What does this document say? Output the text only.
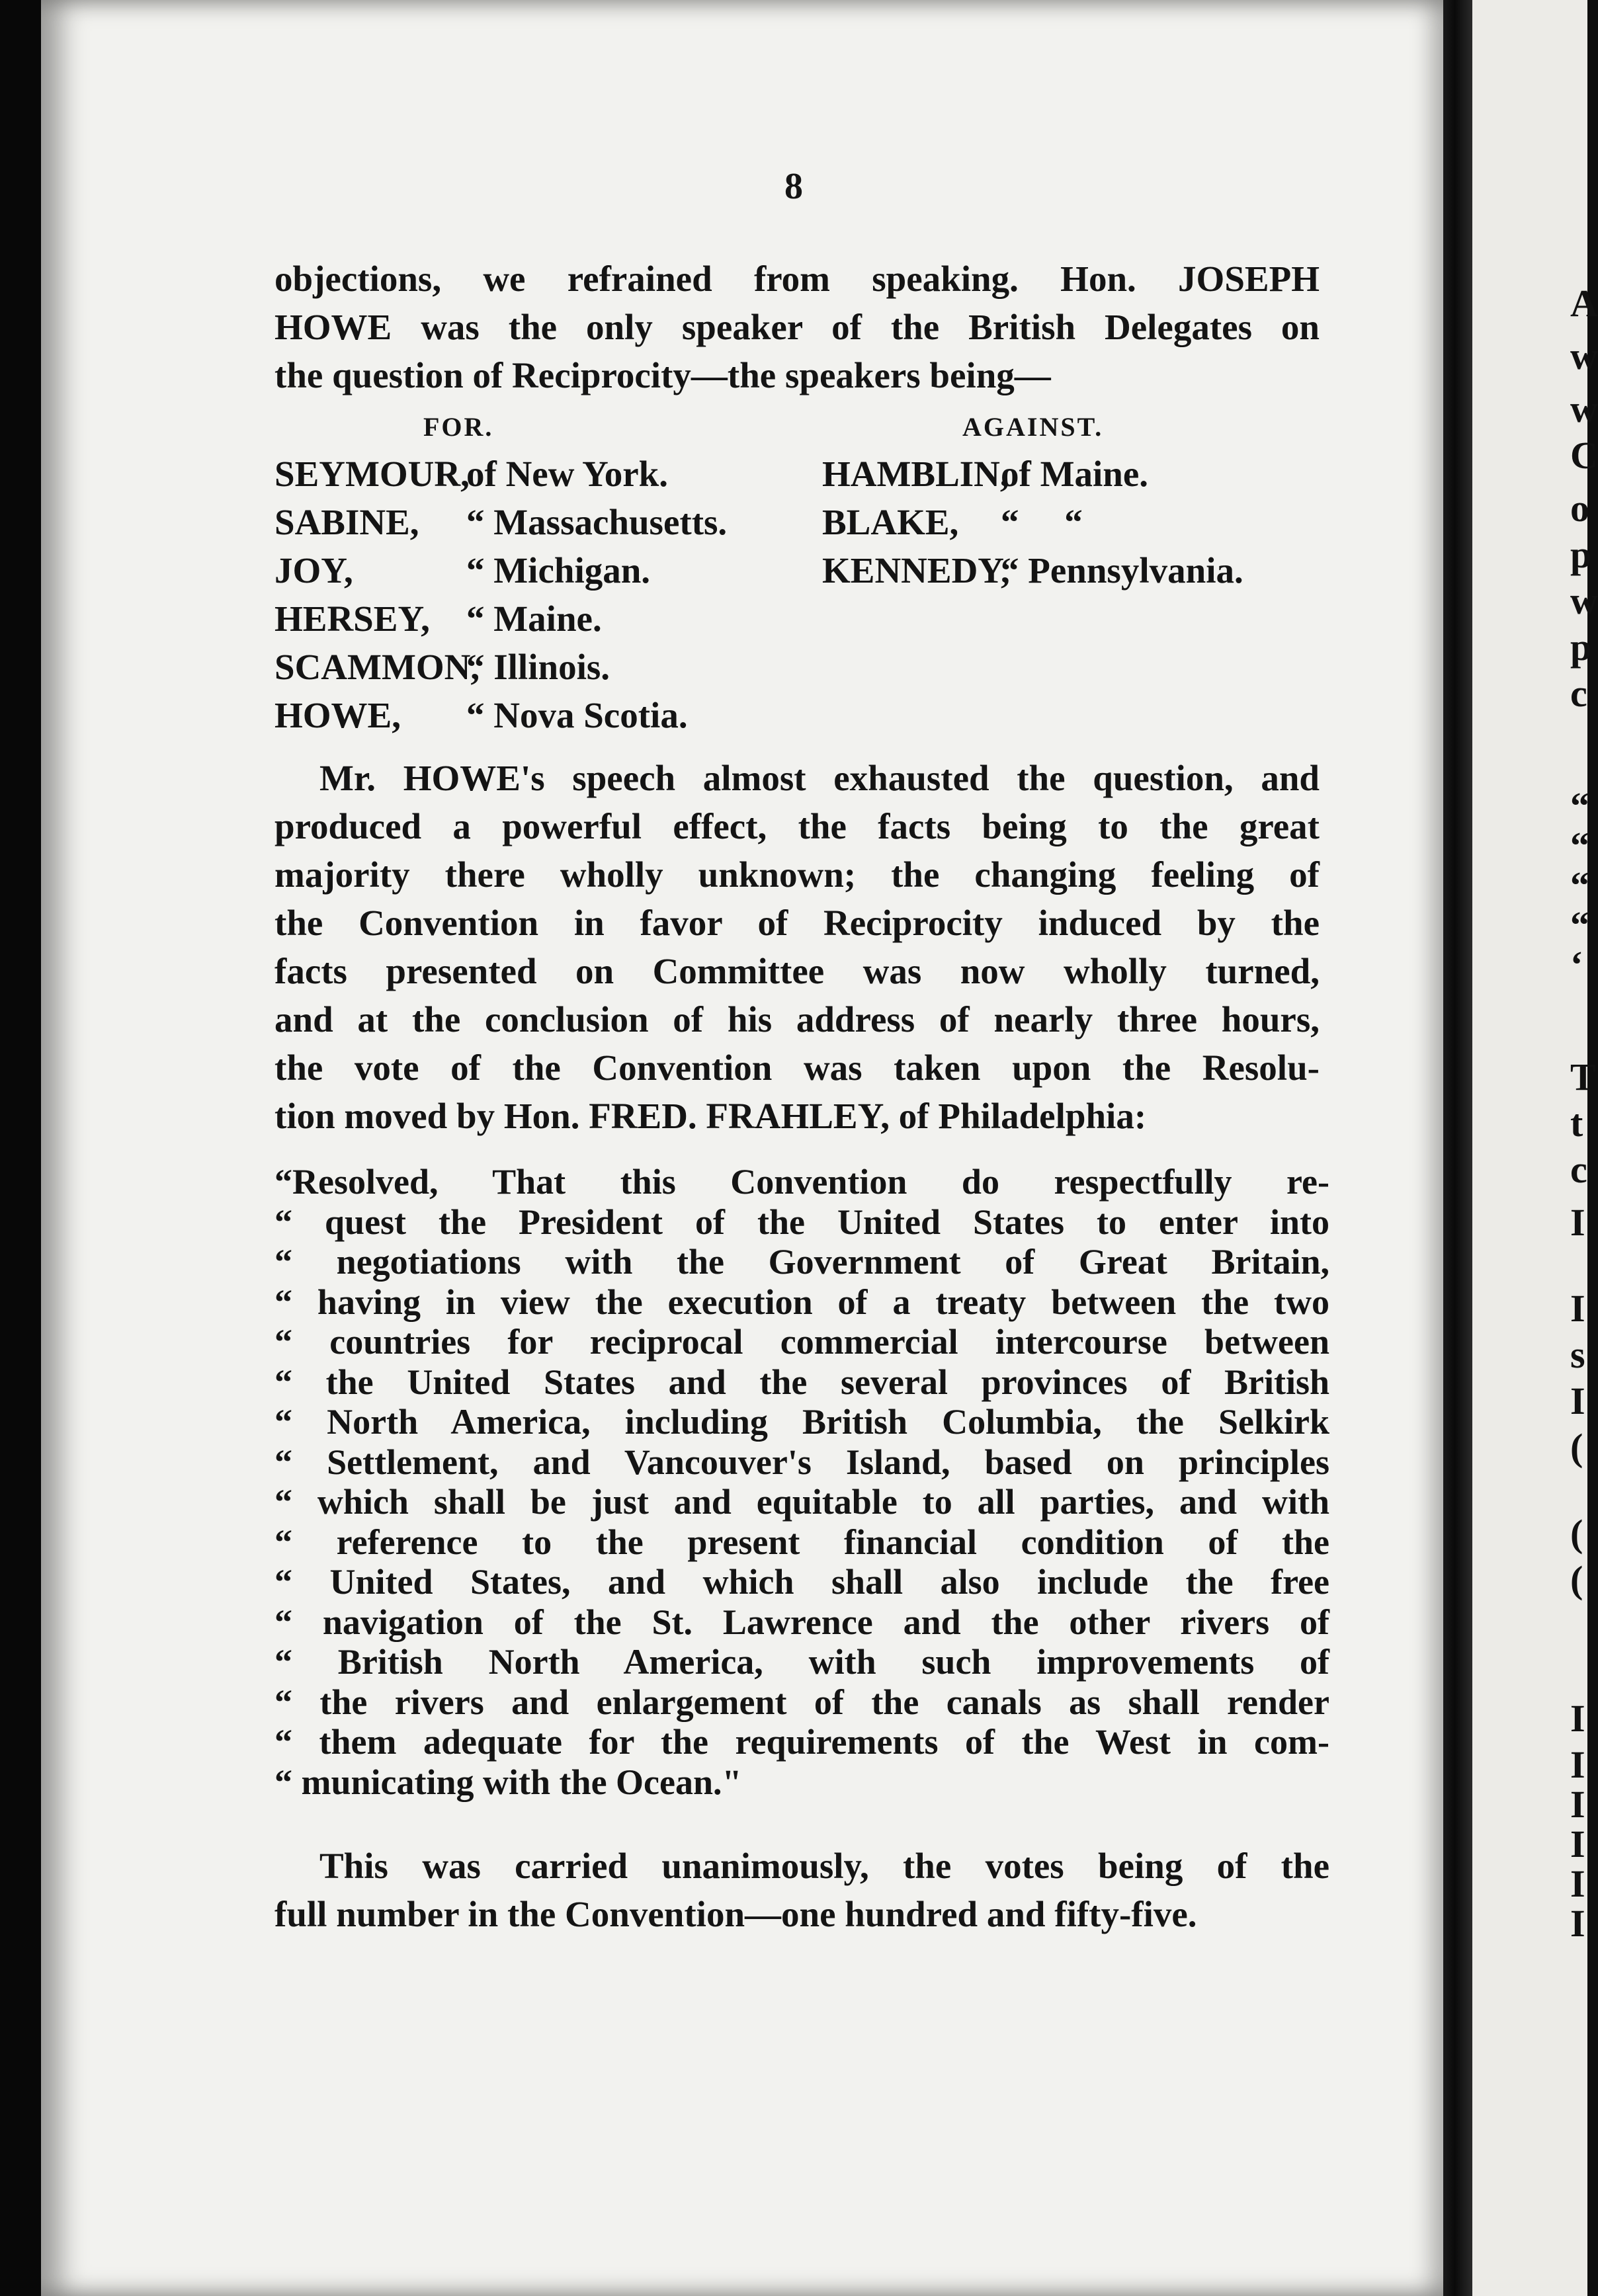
A
w
w
C
o
p
w
p
c
“
“
“
“
‘
T
t
c
I
I
s
I
(
(
(
I
I
I
I
I
I
8
objections, we refrained from speaking. Hon. JOSEPH
HOWE was the only speaker of the British Delegates on
the question of Reciprocity—the speakers being—
FOR.	AGAINST.
SEYMOUR,of New York.
SABINE, “ Massachusetts.
JOY,	“ Michigan.
HERSEY, “ Maine.
SCAMMON,“ Illinois.
HOWE, “ Nova Scotia.
HAMBLIN,of Maine.
BLAKE, “     “
KENNEDY,“ Pennsylvania.
Mr. HOWE's speech almost exhausted the question, and
produced a powerful effect, the facts being to the great
majority there wholly unknown; the changing feeling of
the Convention in favor of Reciprocity induced by the
facts presented on Committee was now wholly turned,
and at the conclusion of his address of nearly three hours,
the vote of the Convention was taken upon the Resolu-
tion moved by Hon. FRED. FRAHLEY, of Philadelphia:
“Resolved, That this Convention do respectfully re-
“ quest the President of the United States to enter into
“ negotiations with the Government of Great Britain,
“ having in view the execution of a treaty between the two
“ countries for reciprocal commercial intercourse between
“ the United States and the several provinces of British
“ North America, including British Columbia, the Selkirk
“ Settlement, and Vancouver's Island, based on principles
“ which shall be just and equitable to all parties, and with
“ reference to the present financial condition of the
“ United States, and which shall also include the free
“ navigation of the St. Lawrence and the other rivers of
“ British North America, with such improvements of
“ the rivers and enlargement of the canals as shall render
“ them adequate for the requirements of the West in com-
“ municating with the Ocean."
This was carried unanimously, the votes being of the
full number in the Convention—one hundred and fifty-five.
